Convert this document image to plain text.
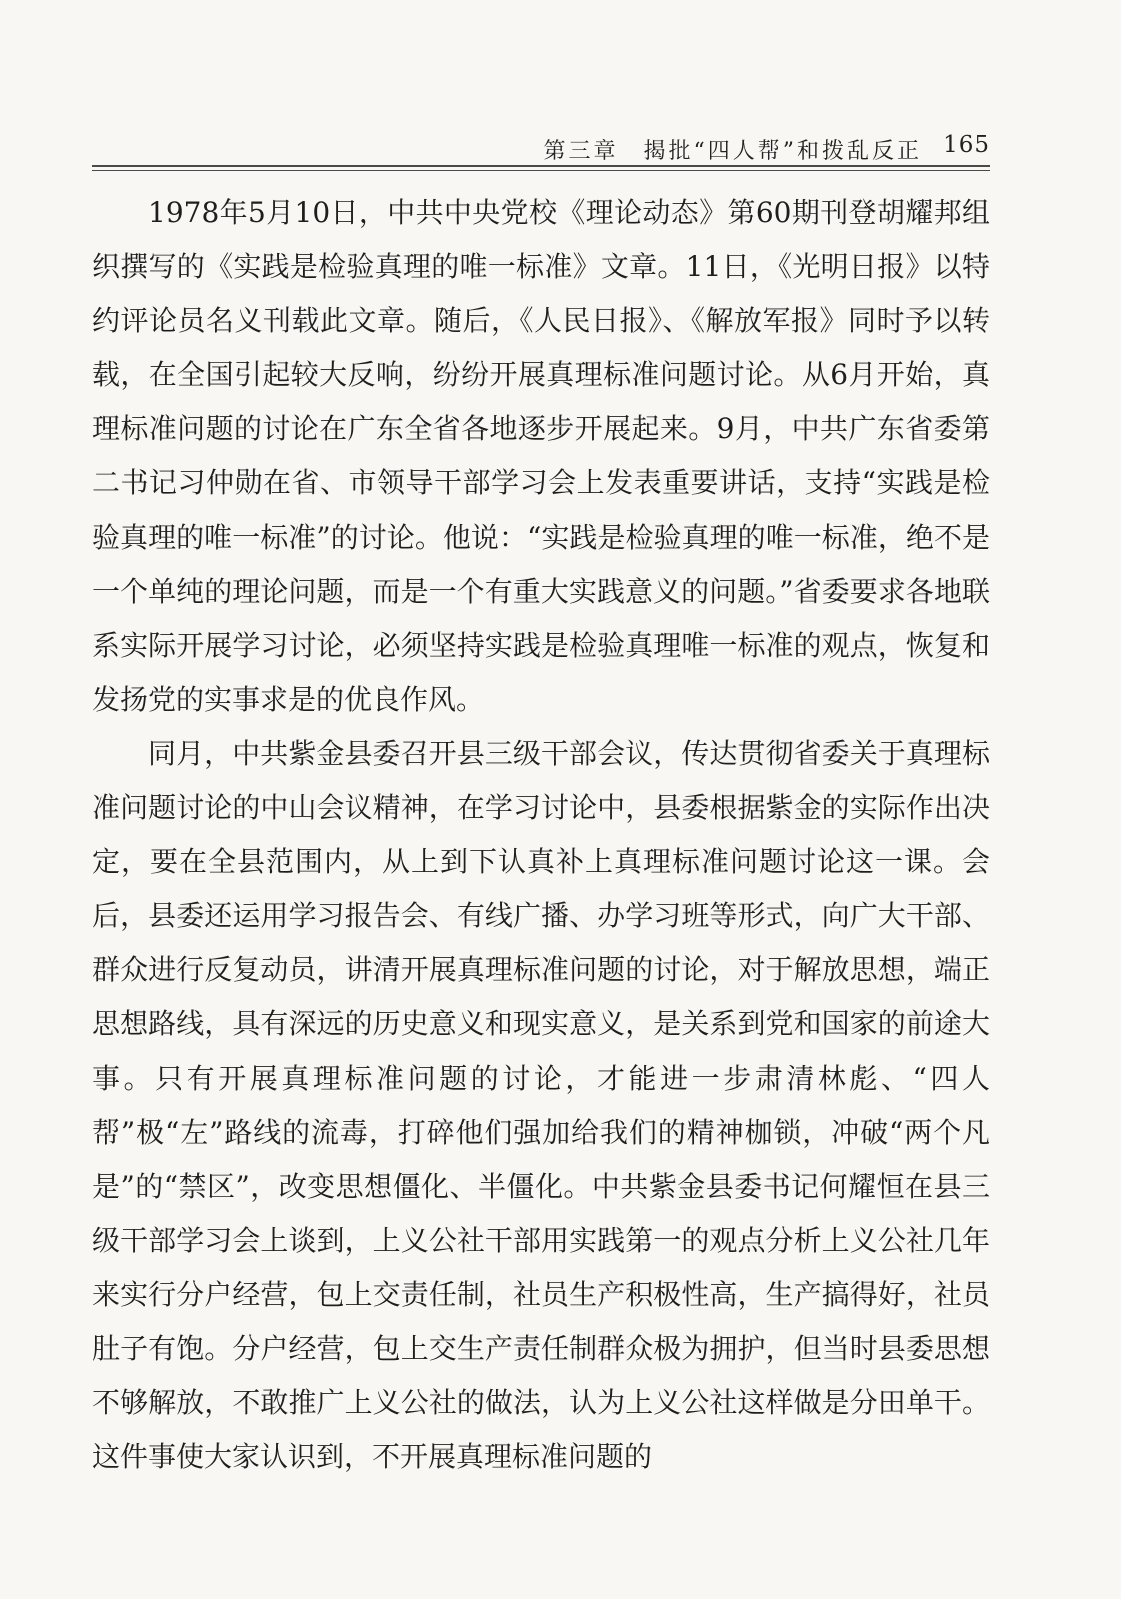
第三章　揭批“四人帮”和拨乱反正 165

1978年5月10日，中共中央党校《理论动态》第60期刊登胡耀邦组织撰写的《实践是检验真理的唯一标准》文章。11日，《光明日报》以特约评论员名义刊载此文章。随后，《人民日报》、《解放军报》同时予以转载，在全国引起较大反响，纷纷开展真理标准问题讨论。从6月开始，真理标准问题的讨论在广东全省各地逐步开展起来。9月，中共广东省委第二书记习仲勋在省、市领导干部学习会上发表重要讲话，支持“实践是检验真理的唯一标准”的讨论。他说：“实践是检验真理的唯一标准，绝不是一个单纯的理论问题，而是一个有重大实践意义的问题。”省委要求各地联系实际开展学习讨论，必须坚持实践是检验真理唯一标准的观点，恢复和发扬党的实事求是的优良作风。

同月，中共紫金县委召开县三级干部会议，传达贯彻省委关于真理标准问题讨论的中山会议精神，在学习讨论中，县委根据紫金的实际作出决定，要在全县范围内，从上到下认真补上真理标准问题讨论这一课。会后，县委还运用学习报告会、有线广播、办学习班等形式，向广大干部、群众进行反复动员，讲清开展真理标准问题的讨论，对于解放思想，端正思想路线，具有深远的历史意义和现实意义，是关系到党和国家的前途大事。只有开展真理标准问题的讨论，才能进一步肃清林彪、“四人帮”极“左”路线的流毒，打碎他们强加给我们的精神枷锁，冲破“两个凡是”的“禁区”，改变思想僵化、半僵化。中共紫金县委书记何耀恒在县三级干部学习会上谈到，上义公社干部用实践第一的观点分析上义公社几年来实行分户经营，包上交责任制，社员生产积极性高，生产搞得好，社员肚子有饱。分户经营，包上交生产责任制群众极为拥护，但当时县委思想不够解放，不敢推广上义公社的做法，认为上义公社这样做是分田单干。这件事使大家认识到，不开展真理标准问题的
